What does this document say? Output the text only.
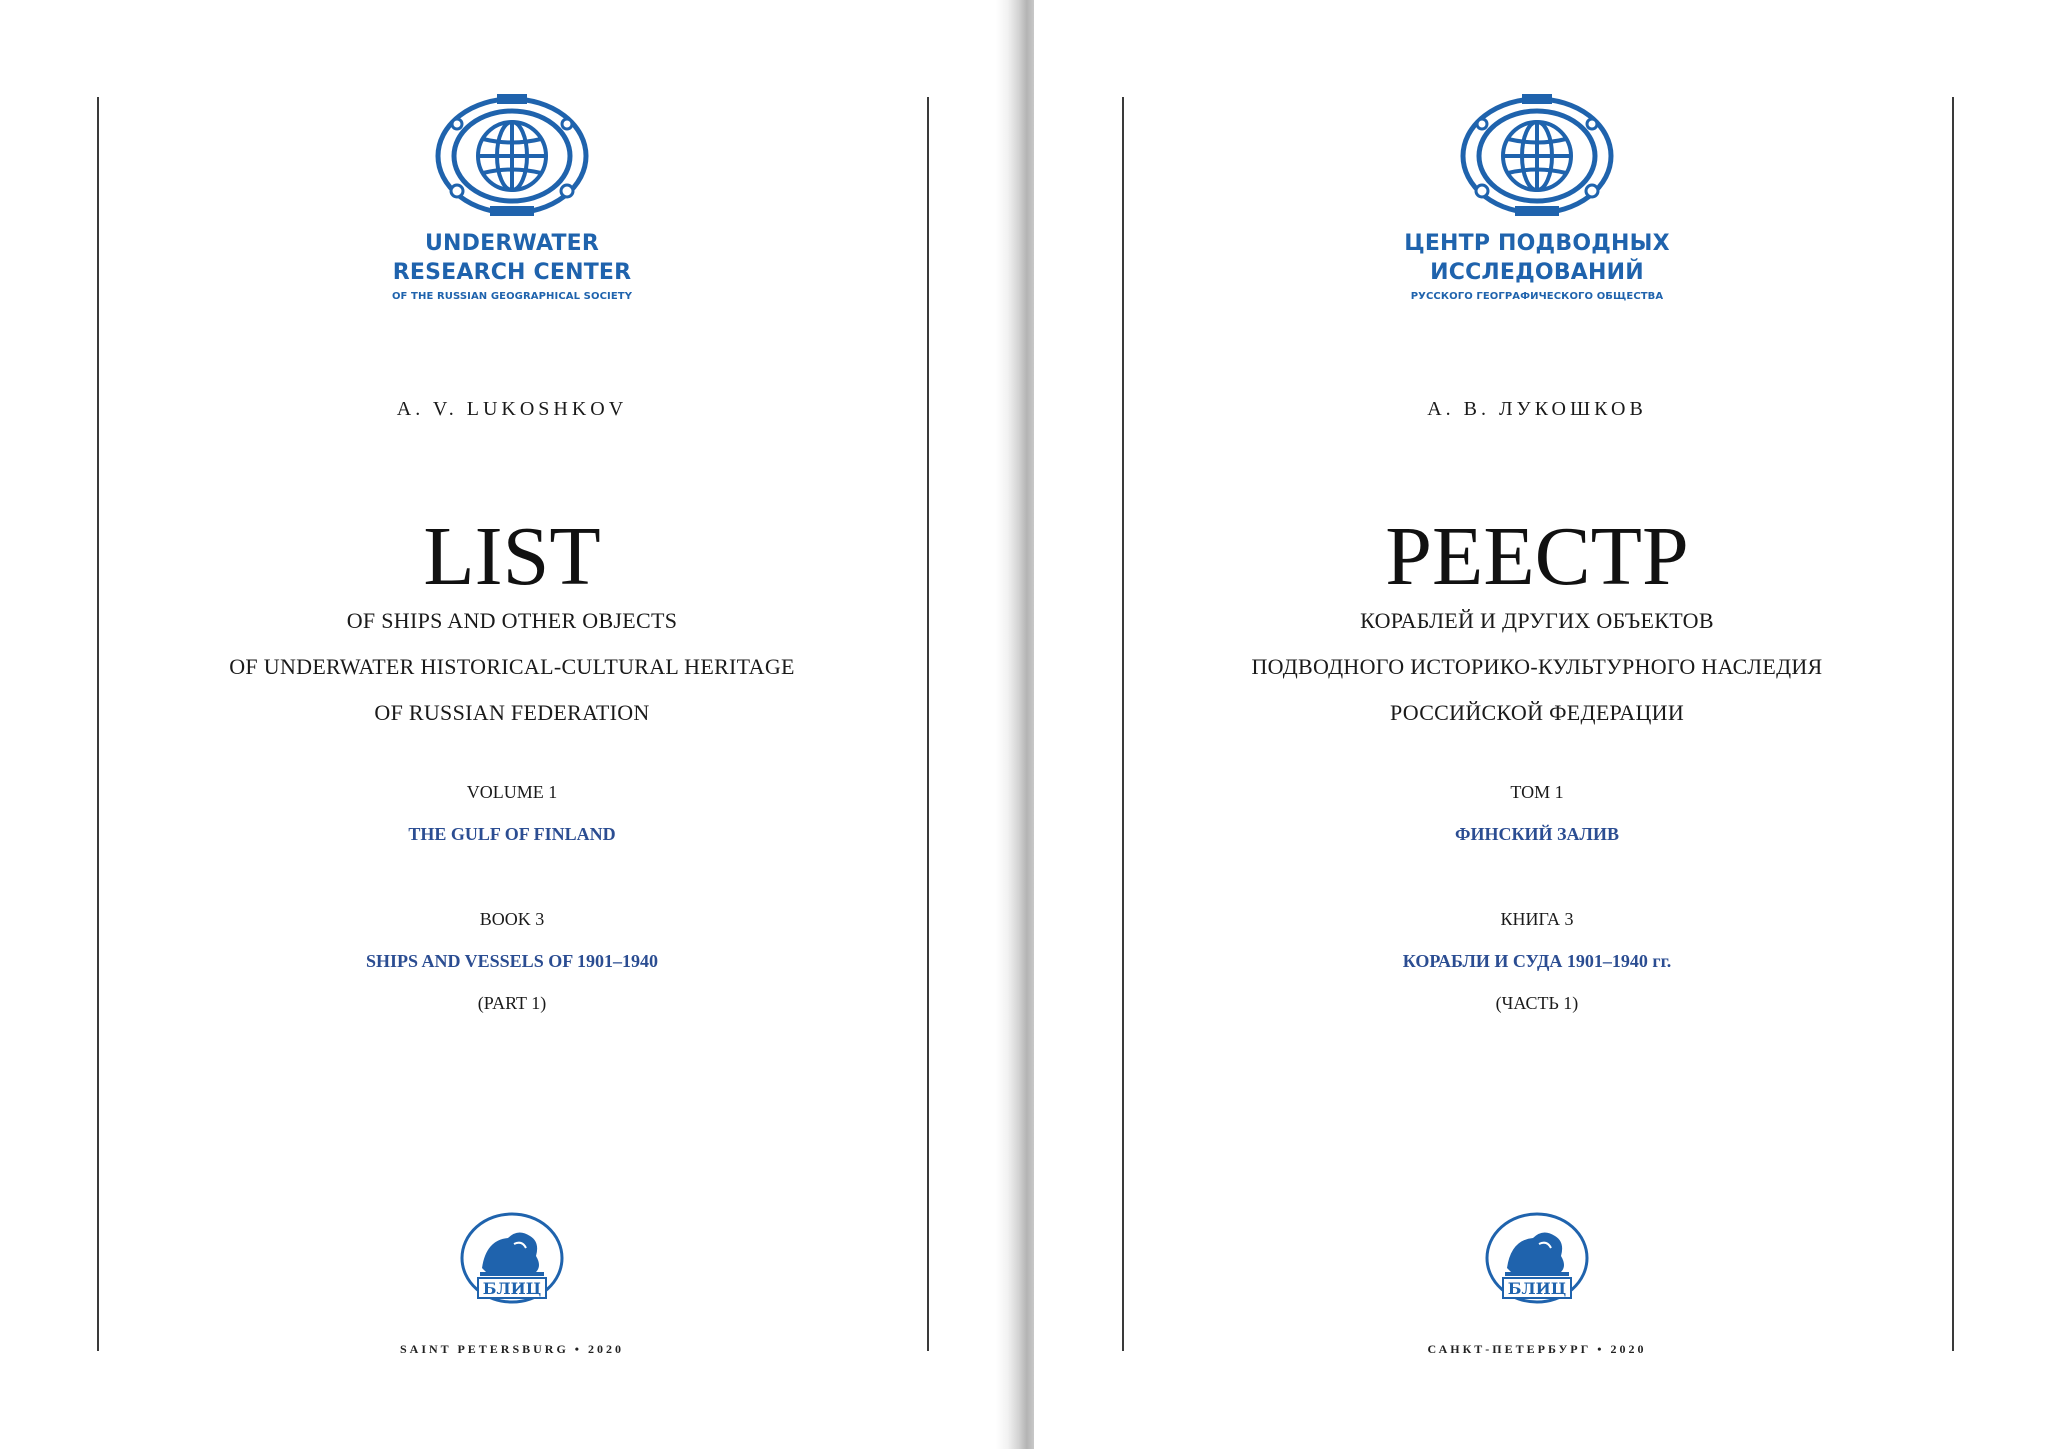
UNDERWATER
RESEARCH CENTER
OF THE RUSSIAN GEOGRAPHICAL SOCIETY
A. V. LUKOSHKOV
LIST
OF SHIPS AND OTHER OBJECTS
OF UNDERWATER HISTORICAL-CULTURAL HERITAGE
OF RUSSIAN FEDERATION
VOLUME 1
THE GULF OF FINLAND
BOOK 3
SHIPS AND VESSELS OF 1901–1940
(PART 1)
БЛИЦ
SAINT PETERSBURG • 2020
ЦЕНТР ПОДВОДНЫХ
ИССЛЕДОВАНИЙ
РУССКОГО ГЕОГРАФИЧЕСКОГО ОБЩЕСТВА
А. В. ЛУКОШКОВ
РЕЕСТР
КОРАБЛЕЙ И ДРУГИХ ОБЪЕКТОВ
ПОДВОДНОГО ИСТОРИКО-КУЛЬТУРНОГО НАСЛЕДИЯ
РОССИЙСКОЙ ФЕДЕРАЦИИ
ТОМ 1
ФИНСКИЙ ЗАЛИВ
КНИГА 3
КОРАБЛИ И СУДА 1901–1940 гг.
(ЧАСТЬ 1)
БЛИЦ
САНКТ-ПЕТЕРБУРГ • 2020
